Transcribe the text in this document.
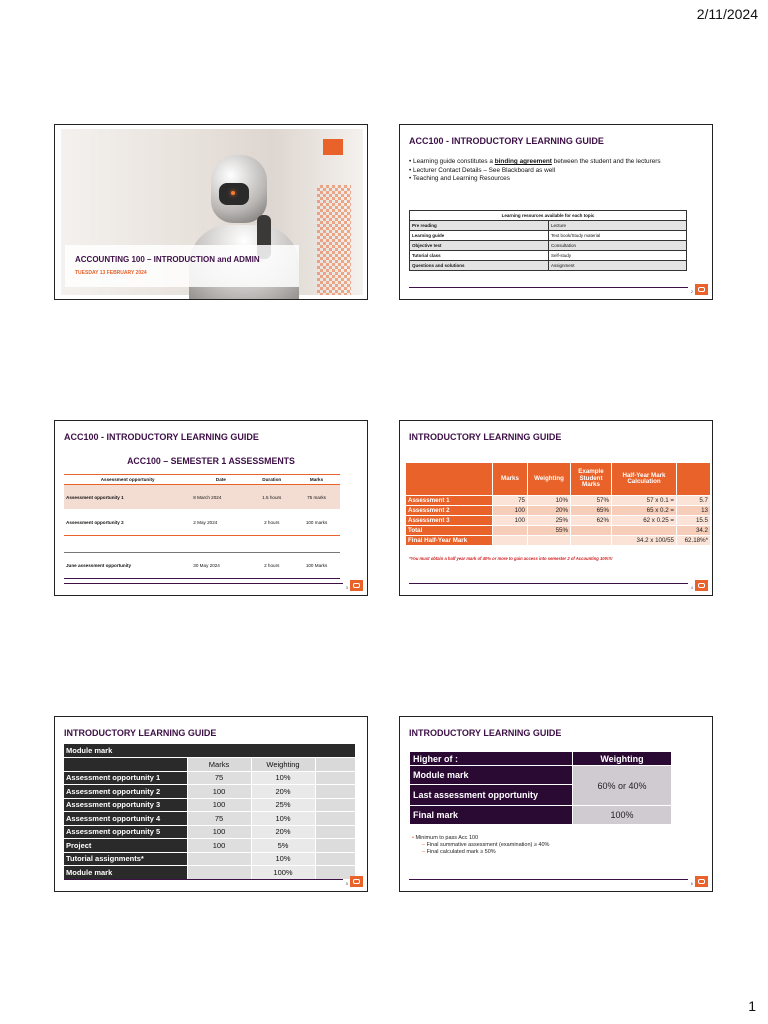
2/11/2024
ACCOUNTING 100 – INTRODUCTION and ADMIN
TUESDAY 13 FEBRUARY 2024
ACC100 - INTRODUCTORY LEARNING GUIDE
• Learning guide constitutes a binding agreement between the student and the lecturers
• Lecturer Contact Details – See Blackboard as well
• Teaching and Learning Resources
Learning resources available for each topic	
Pre reading	Lecture
Learning guide	Text book/Study material
Objective test	Consultation
Tutorial class	Self-study
Questions and solutions	Assignment
2
ACC100 - INTRODUCTORY LEARNING GUIDE
ACC100 – SEMESTER 1 ASSESSMENTS
Assessment opportunity	Date	Duration	Marks
Assessment opportunity 1	8 March 2024	1.5 hours	75 marks
Assessment opportunity 2	2 May 2024	2 hours	100 marks

June assessment opportunity	30 May 2024	2 hours	100 Marks
3
INTRODUCTORY LEARNING GUIDE
	Marks	Weighting	Example Student Marks	Half-Year Mark Calculation	
Assessment 1	75	10%	57%	57 x 0.1 =	5.7
Assessment 2	100	20%	65%	65 x 0.2 =	13
Assessment 3	100	25%	62%	62 x 0.25 =	15.5
Total		55%			34.2
Final Half-Year Mark				34.2 x 100/55	62.18%*
*You must obtain a half year mark of 40% or more to gain access into semester 2 of Accounting 100!!!!
4
INTRODUCTORY LEARNING GUIDE
Module mark			
	Marks	Weighting	
Assessment opportunity 1	75	10%	
Assessment opportunity 2	100	20%	
Assessment opportunity 3	100	25%	
Assessment opportunity 4	75	10%	
Assessment opportunity 5	100	20%	
Project	100	5%	
Tutorial assignments*		10%	
Module mark		100%	
5
INTRODUCTORY LEARNING GUIDE
Higher of :	Weighting
Module mark	60% or 40%
Last assessment opportunity	
Final mark	100%
• Minimum to pass Acc 100
– Final summative assessment (examination) ≥ 40%
– Final calculated mark ≥ 50%
6
1
